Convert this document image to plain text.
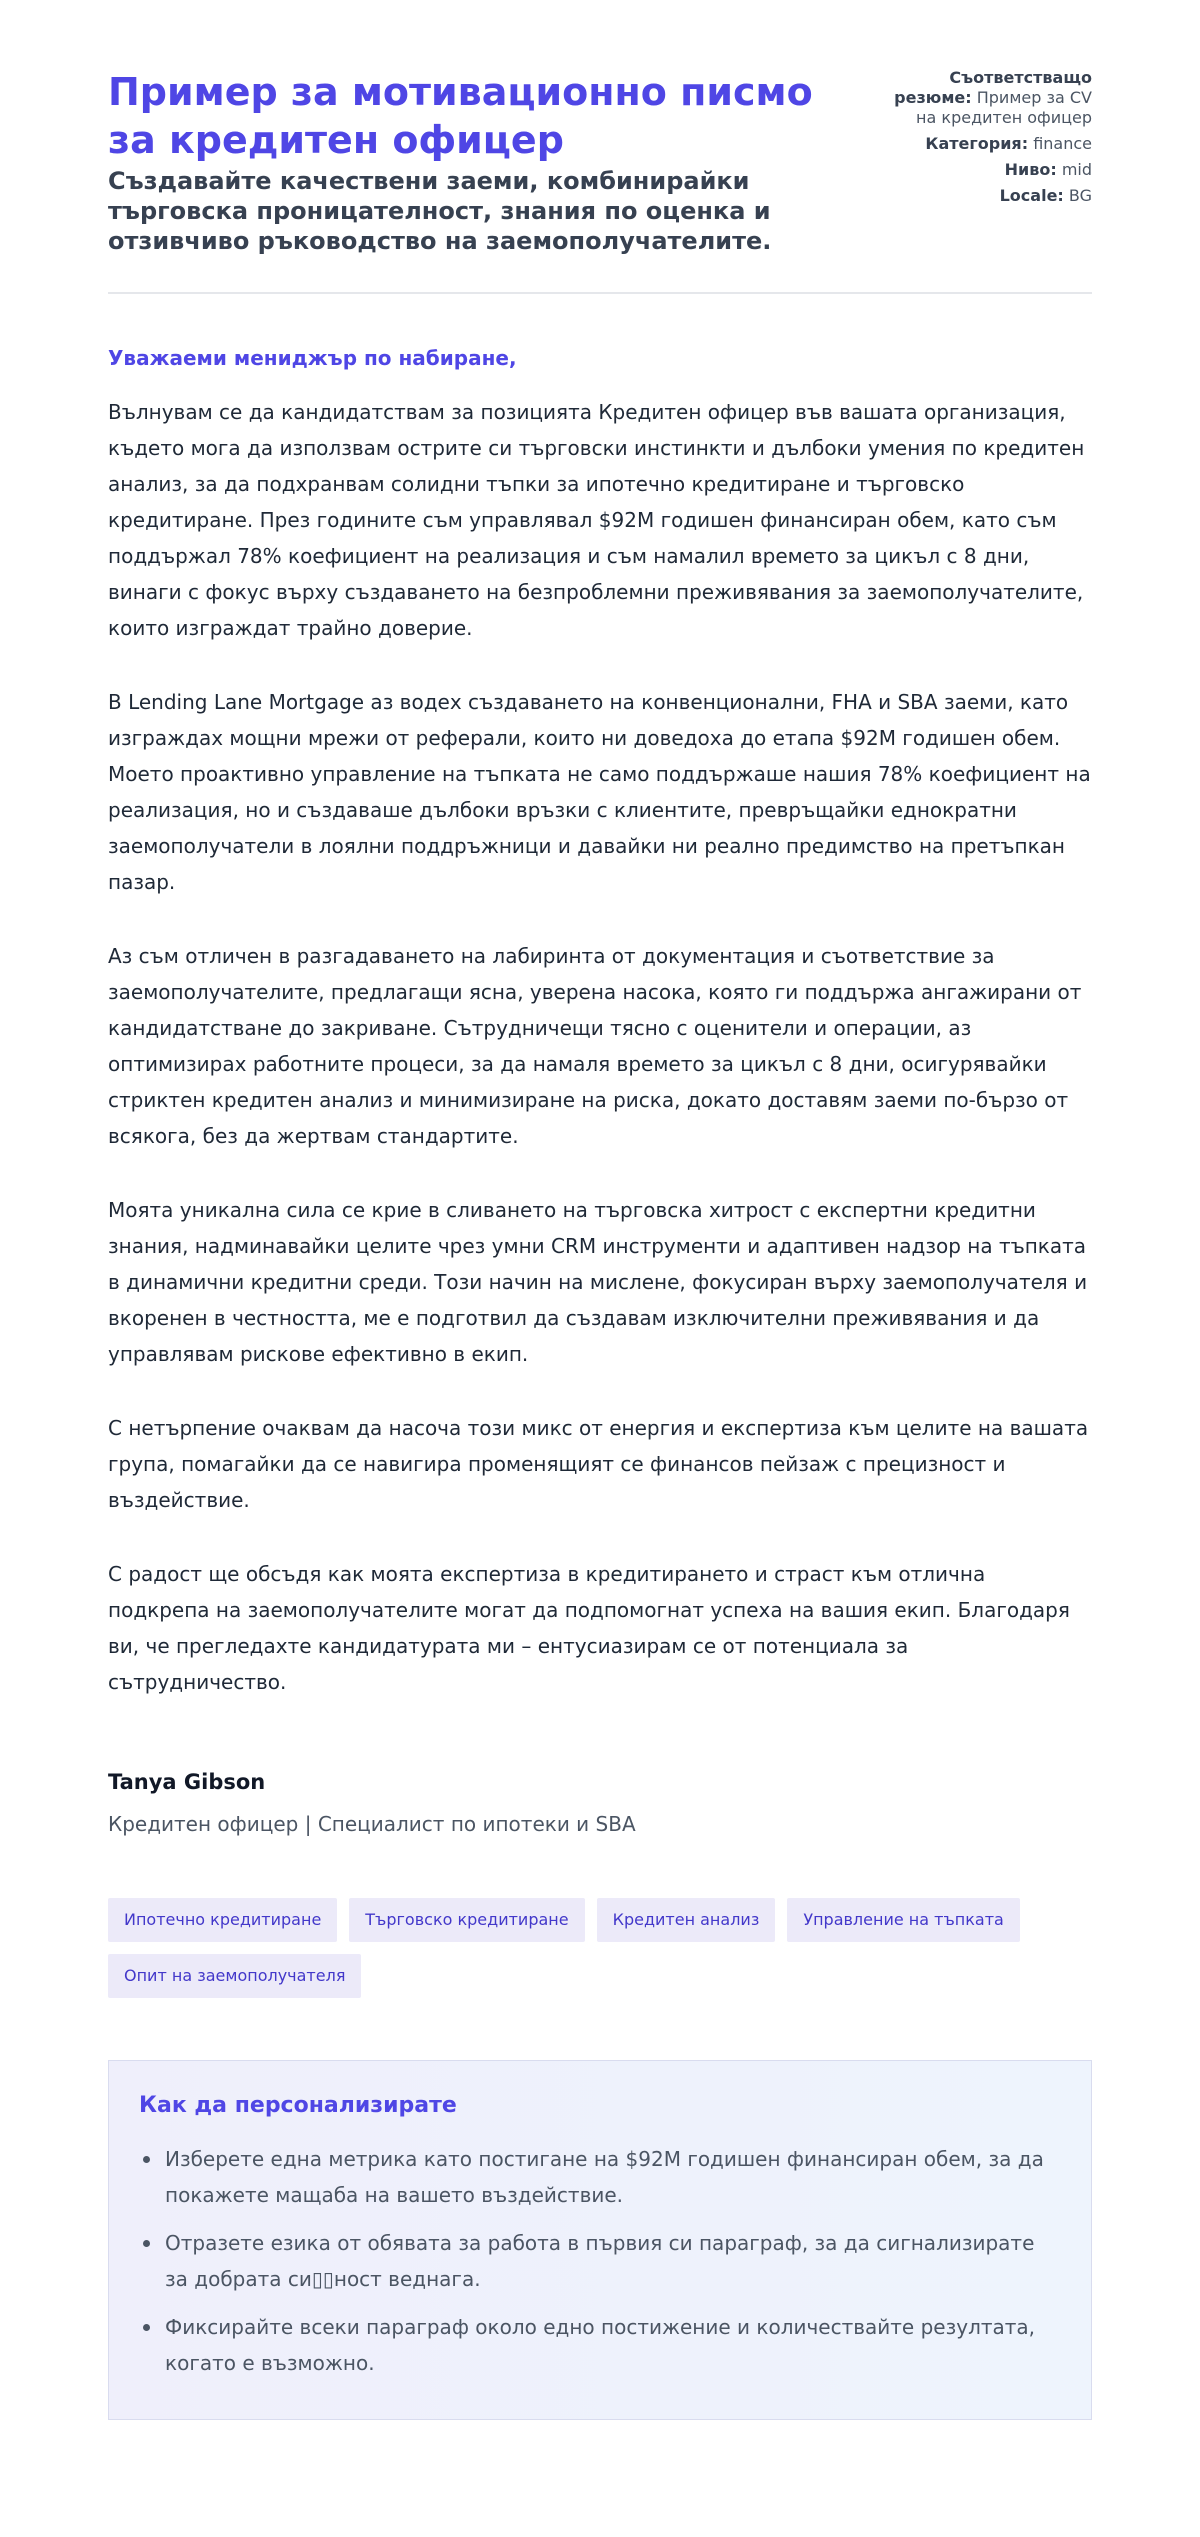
Пример за мотивационно писмо за кредитен офицер
Създавайте качествени заеми, комбинирайки търговска проницателност, знания по оценка и отзивчиво ръководство на заемополучателите.
Съответстващо резюме: Пример за CV на кредитен офицер
Категория: finance
Ниво: mid
Locale: BG

Уважаеми мениджър по набиране,

Вълнувам се да кандидатствам за позицията Кредитен офицер във вашата организация, където мога да използвам острите си търговски инстинкти и дълбоки умения по кредитен анализ, за да подхранвам солидни тъпки за ипотечно кредитиране и търговско кредитиране. През годините съм управлявал $92M годишен финансиран обем, като съм поддържал 78% коефициент на реализация и съм намалил времето за цикъл с 8 дни, винаги с фокус върху създаването на безпроблемни преживявания за заемополучателите, които изграждат трайно доверие.

В Lending Lane Mortgage аз водех създаването на конвенционални, FHA и SBA заеми, като изграждах мощни мрежи от реферали, които ни доведоха до етапа $92M годишен обем. Моето проактивно управление на тъпката не само поддържаше нашия 78% коефициент на реализация, но и създаваше дълбоки връзки с клиентите, превръщайки еднократни заемополучатели в лоялни поддръжници и давайки ни реално предимство на претъпкан пазар.

Аз съм отличен в разгадаването на лабиринта от документация и съответствие за заемополучателите, предлагащи ясна, уверена насока, която ги поддържа ангажирани от кандидатстване до закриване. Сътрудничещи тясно с оценители и операции, аз оптимизирах работните процеси, за да намаля времето за цикъл с 8 дни, осигурявайки стриктен кредитен анализ и минимизиране на риска, докато доставям заеми по-бързо от всякога, без да жертвам стандартите.

Моята уникална сила се крие в сливането на търговска хитрост с експертни кредитни знания, надминавайки целите чрез умни CRM инструменти и адаптивен надзор на тъпката в динамични кредитни среди. Този начин на мислене, фокусиран върху заемополучателя и вкоренен в честността, ме е подготвил да създавам изключителни преживявания и да управлявам рискове ефективно в екип.

С нетърпение очаквам да насоча този микс от енергия и експертиза към целите на вашата група, помагайки да се навигира променящият се финансов пейзаж с прецизност и въздействие.

С радост ще обсъдя как моята експертиза в кредитирането и страст към отлична подкрепа на заемополучателите могат да подпомогнат успеха на вашия екип. Благодаря ви, че прегледахте кандидатурата ми – ентусиазирам се от потенциала за сътрудничество.

Tanya Gibson
Кредитен офицер | Специалист по ипотеки и SBA
Ипотечно кредитиране	Търговско кредитиране	Кредитен анализ	Управление на тъпката
Опит на заемополучателя
Как да персонализирате
Изберете една метрика като постигане на $92M годишен финансиран обем, за да покажете мащаба на вашето въздействие.
Отразете езика от обявата за работа в първия си параграф, за да сигнализирате за добрата си▯▯ност веднага.
Фиксирайте всеки параграф около едно постижение и количествайте резултата, когато е възможно.
